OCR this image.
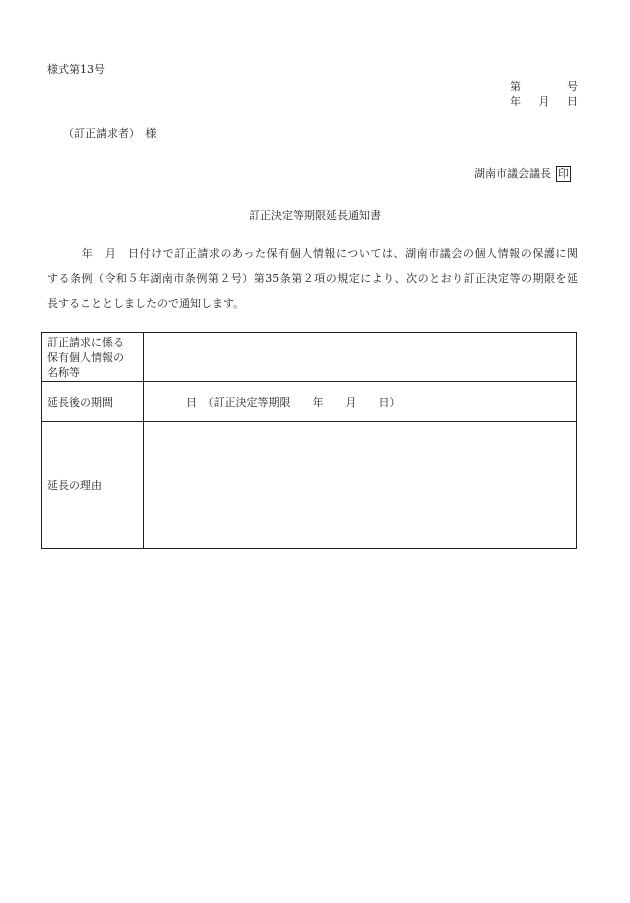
様式第13号
第	号
年 月 日
（訂正請求者）　様
湖南市議会議長 印
訂正決定等期限延長通知書
　　　年　月　日付けで訂正請求のあった保有個人情報については、湖南市議会の個人情報の保護に関
する条例（令和５年湖南市条例第２号）第35条第２項の規定により、次のとおり訂正決定等の期限を延
長することとしましたので通知します。
訂正請求に係る
保有個人情報の
名称等	

延長後の期間	日　（訂正決定等期限　　年　　月　　日）
延長の理由	
